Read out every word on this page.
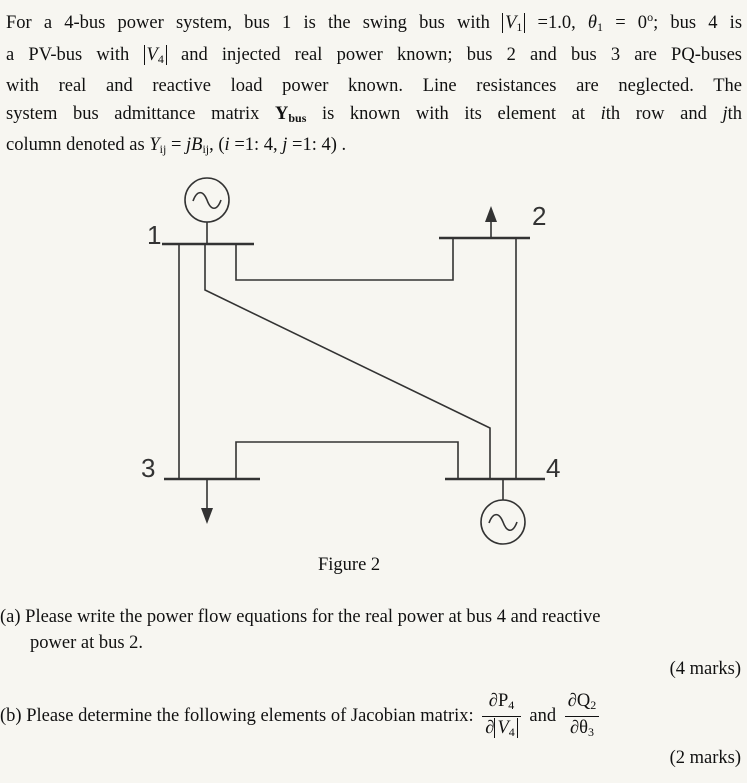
For a 4-bus power system, bus 1 is the swing bus with $V_1 =1.0$, $\theta_1 = 0^o$; bus 4 is
a PV-bus with $V_4$ and injected real power known; bus 2 and bus 3 are PQ-buses
with real and reactive load power known. Line resistances are neglected. The
system bus admittance matrix $Y_{bus}$ is known with its element at ith row and jth
column denoted as $Y_{ij} = jB_{ij}$, (i =1: 4, j =1: 4) .
1
2
3	4
Figure 2
(a) Please write the power flow equations for the real power at bus 4 and reactive
power at bus 2.
(4 marks)
(b) Please determine the following elements of Jacobian matrix: $\frac{\partial P_4}{\partial V_4}$ and $\frac{\partial Q_2}{\partial\theta_3}$
(2 marks)
